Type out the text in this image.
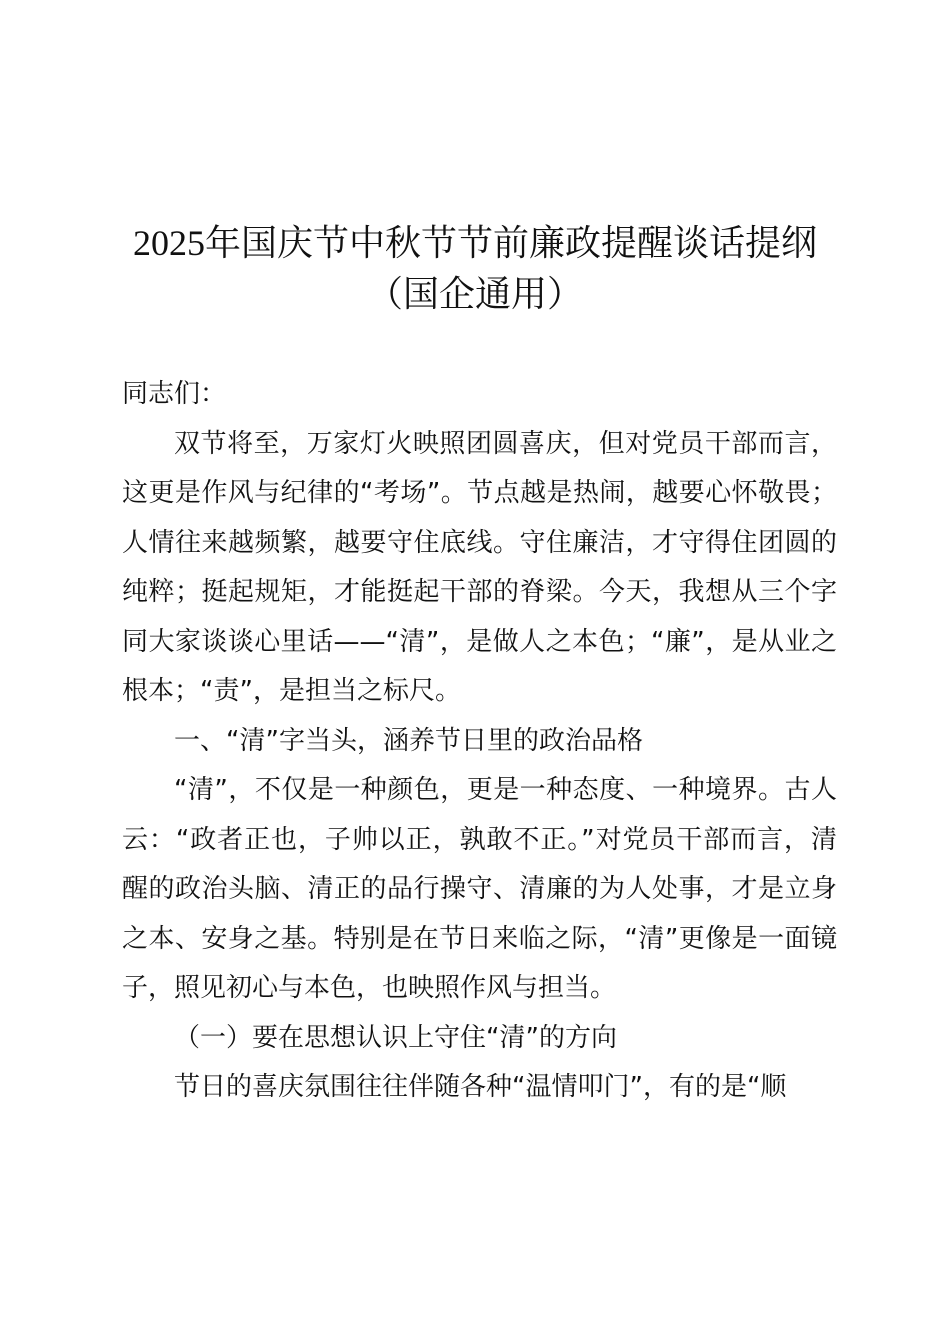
2025年国庆节中秋节节前廉政提醒谈话提纲
（国企通用）

同志们：

双节将至，万家灯火映照团圆喜庆，但对党员干部而言，这更是作风与纪律的“考场”。节点越是热闹，越要心怀敬畏；人情往来越频繁，越要守住底线。守住廉洁，才守得住团圆的纯粹；挺起规矩，才能挺起干部的脊梁。今天，我想从三个字同大家谈谈心里话——“清”，是做人之本色；“廉”，是从业之根本；“责”，是担当之标尺。

一、“清”字当头，涵养节日里的政治品格

“清”，不仅是一种颜色，更是一种态度、一种境界。古人云：“政者正也，子帅以正，孰敢不正。”对党员干部而言，清醒的政治头脑、清正的品行操守、清廉的为人处事，才是立身之本、安身之基。特别是在节日来临之际，“清”更像是一面镜子，照见初心与本色，也映照作风与担当。

（一）要在思想认识上守住“清”的方向

节日的喜庆氛围往往伴随各种“温情叩门”，有的是“顺
